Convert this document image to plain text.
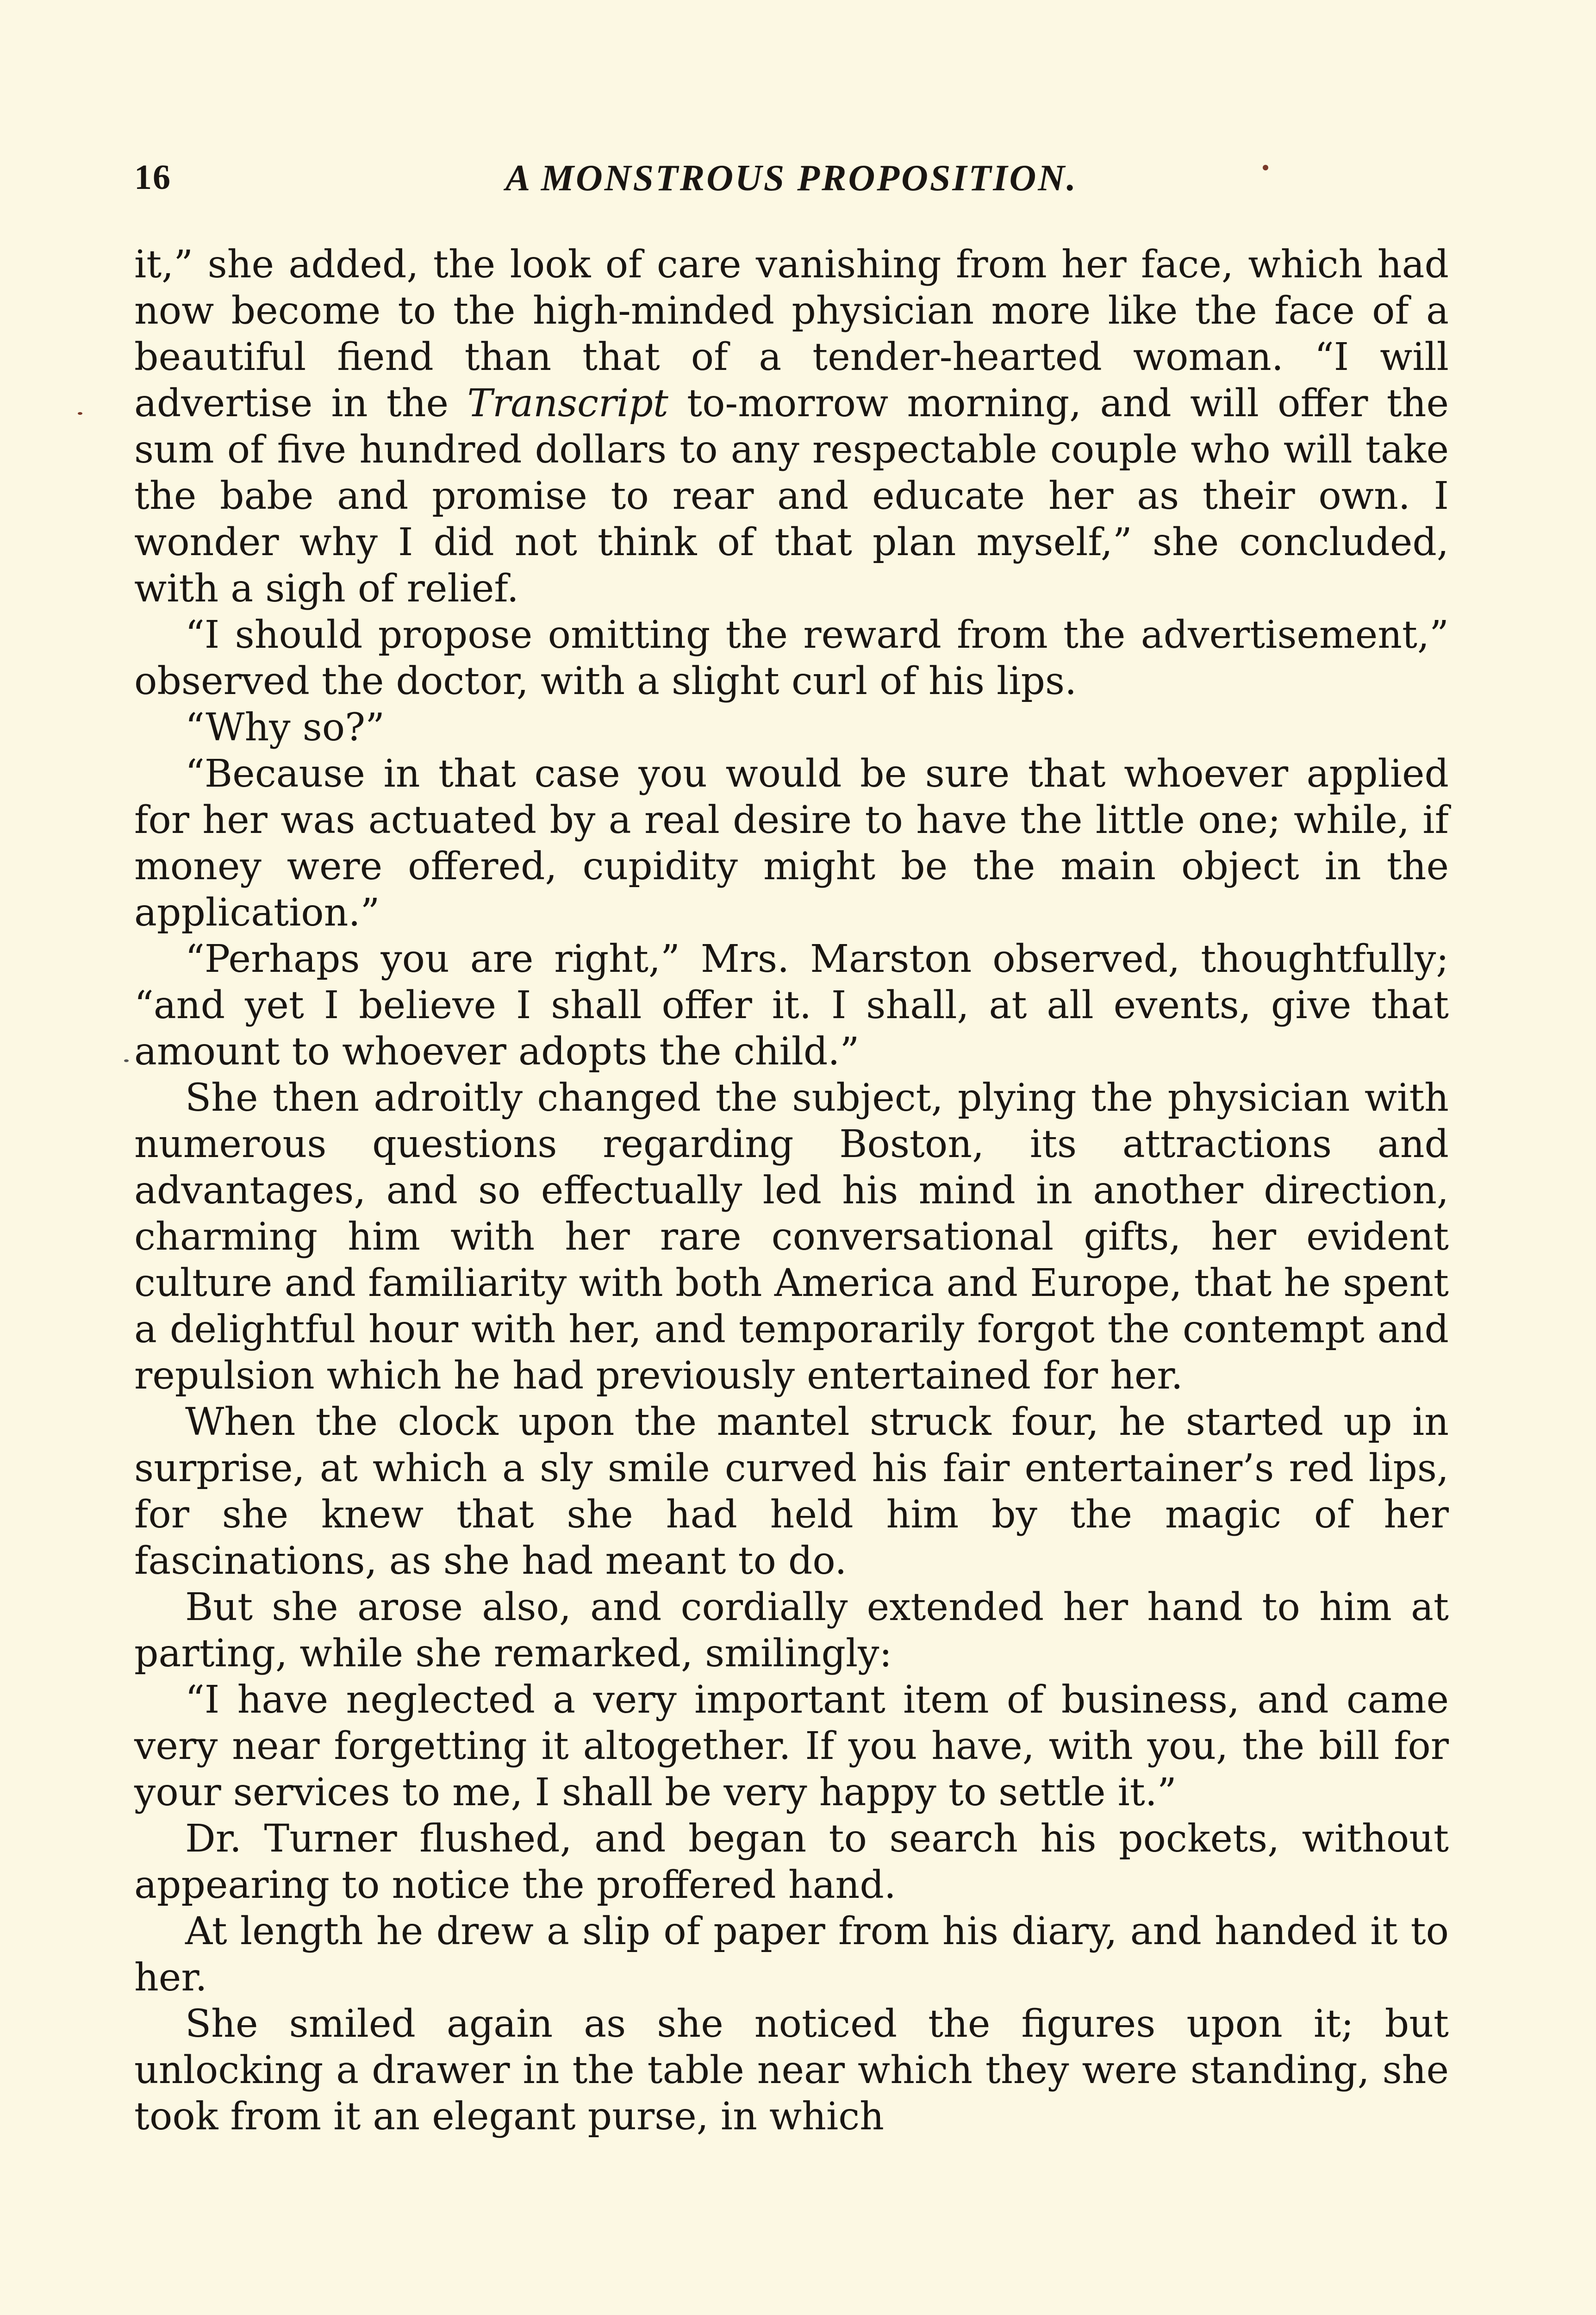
16	A MONSTROUS PROPOSITION.

it,” she added, the look of care vanishing from her face, which had now become to the high-minded physician more like the face of a beautiful fiend than that of a tender-hearted woman. “I will advertise in the Transcript to-morrow morning, and will offer the sum of five hundred dollars to any respectable couple who will take the babe and promise to rear and educate her as their own. I wonder why I did not think of that plan myself,” she concluded, with a sigh of relief.

“I should propose omitting the reward from the advertisement,” observed the doctor, with a slight curl of his lips.

“Why so?”

“Because in that case you would be sure that whoever applied for her was actuated by a real desire to have the little one; while, if money were offered, cupidity might be the main object in the application.”

“Perhaps you are right,” Mrs. Marston observed, thoughtfully; “and yet I believe I shall offer it. I shall, at all events, give that amount to whoever adopts the child.”

She then adroitly changed the subject, plying the physician with numerous questions regarding Boston, its attractions and advantages, and so effectually led his mind in another direction, charming him with her rare conversational gifts, her evident culture and familiarity with both America and Europe, that he spent a delightful hour with her, and temporarily forgot the contempt and repulsion which he had previously entertained for her.

When the clock upon the mantel struck four, he started up in surprise, at which a sly smile curved his fair entertainer’s red lips, for she knew that she had held him by the magic of her fascinations, as she had meant to do.

But she arose also, and cordially extended her hand to him at parting, while she remarked, smilingly:

“I have neglected a very important item of business, and came very near forgetting it altogether. If you have, with you, the bill for your services to me, I shall be very happy to settle it.”

Dr. Turner flushed, and began to search his pockets, without appearing to notice the proffered hand.

At length he drew a slip of paper from his diary, and handed it to her.

She smiled again as she noticed the figures upon it; but unlocking a drawer in the table near which they were standing, she took from it an elegant purse, in which
